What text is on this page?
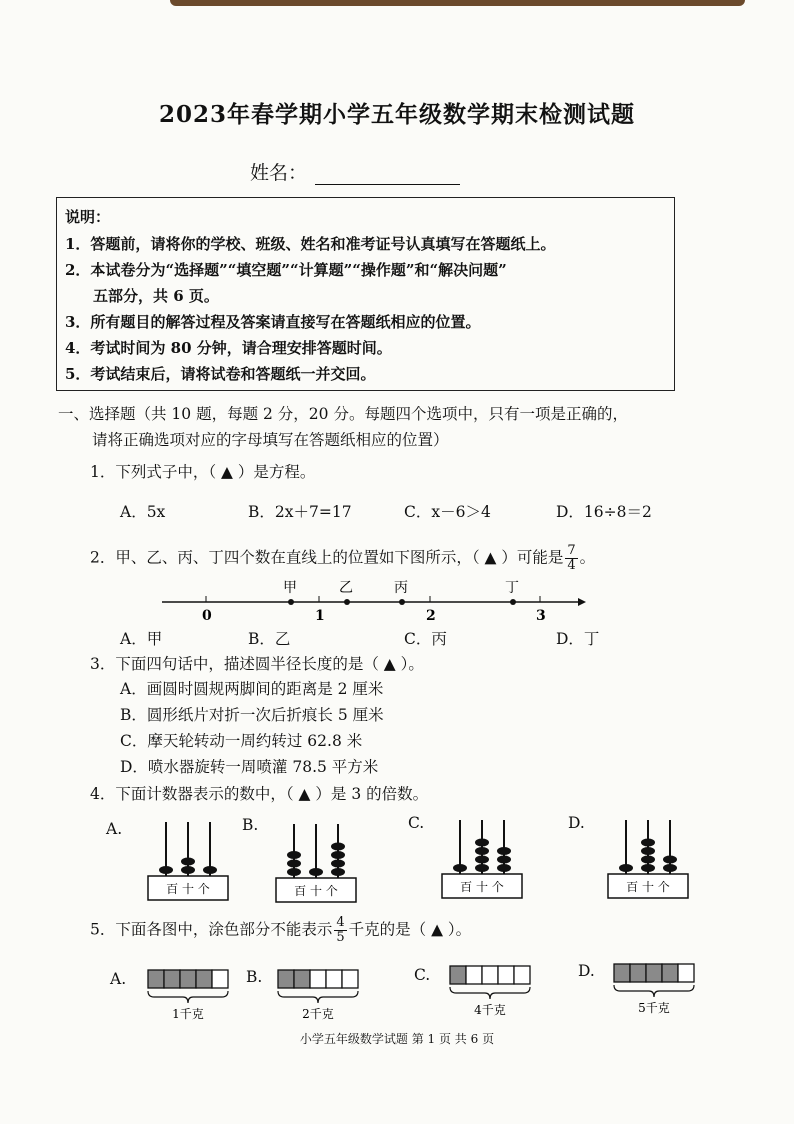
2023年春学期小学五年级数学期末检测试题
姓名：
说明：
1．答题前，请将你的学校、班级、姓名和准考证号认真填写在答题纸上。
2．本试卷分为“选择题”“填空题”“计算题”“操作题”和“解决问题”
五部分，共 6 页。
3．所有题目的解答过程及答案请直接写在答题纸相应的位置。
4．考试时间为 80 分钟，请合理安排答题时间。
5．考试结束后，请将试卷和答题纸一并交回。
一、选择题（共 10 题，每题 2 分，20 分。每题四个选项中，只有一项是正确的，
请将正确选项对应的字母填写在答题纸相应的位置）
1．下列式子中，（ ▲ ）是方程。
A．5x	B．2x＋7=17	C．x－6＞4	D．16÷8＝2
2．甲、乙、丙、丁四个数在直线上的位置如下图所示，（ ▲ ）可能是 $\frac{7}{4}$ 。
0	1	2	3
甲	乙	丙	丁
A．甲	B．乙	C．丙	D．丁
3．下面四句话中，描述圆半径长度的是（ ▲ ）。
A．画圆时圆规两脚间的距离是 2 厘米
B．圆形纸片对折一次后折痕长 5 厘米
C．摩天轮转动一周约转过 62.8 米
D．喷水器旋转一周喷灌 78.5 平方米
4．下面计数器表示的数中，（ ▲ ）是 3 的倍数。
A.	B.	C.	D.
百 十 个	百 十 个	百 十 个	百 十 个
5．下面各图中，涂色部分不能表示 $\frac{4}{5}$ 千克的是（ ▲ ）。
A.	B.	C.	D.
1千克	2千克	4千克	5千克
小学五年级数学试题 第 1 页 共 6 页
